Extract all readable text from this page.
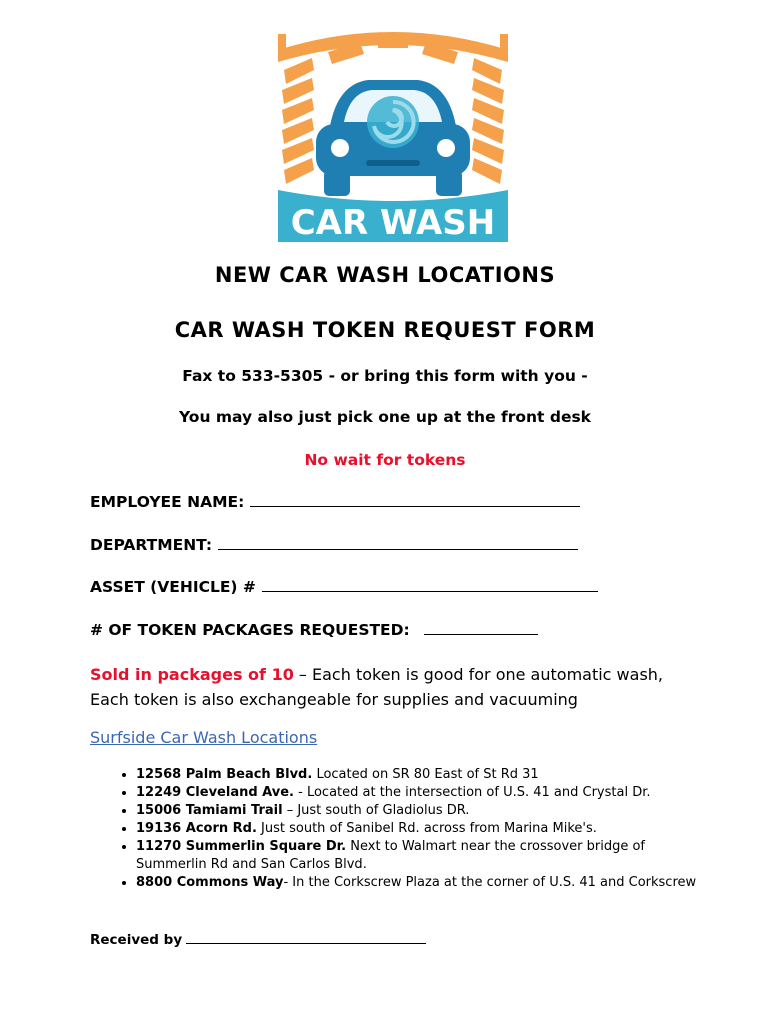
CAR WASH
NEW CAR WASH LOCATIONS
CAR WASH TOKEN REQUEST FORM
Fax to 533-5305 - or bring this form with you -
You may also just pick one up at the front desk
No wait for tokens
EMPLOYEE NAME:
DEPARTMENT:
ASSET (VEHICLE) #
# OF TOKEN PACKAGES REQUESTED:
Sold in packages of 10 – Each token is good for one automatic wash,
Each token is also exchangeable for supplies and vacuuming
Surfside Car Wash Locations
• 12568 Palm Beach Blvd. Located on SR 80 East of St Rd 31
• 12249 Cleveland Ave. - Located at the intersection of U.S. 41 and Crystal Dr.
• 15006 Tamiami Trail – Just south of Gladiolus DR.
• 19136 Acorn Rd. Just south of Sanibel Rd. across from Marina Mike's.
• 11270 Summerlin Square Dr. Next to Walmart near the crossover bridge of Summerlin Rd and San Carlos Blvd.
• 8800 Commons Way- In the Corkscrew Plaza at the corner of U.S. 41 and Corkscrew
Received by
